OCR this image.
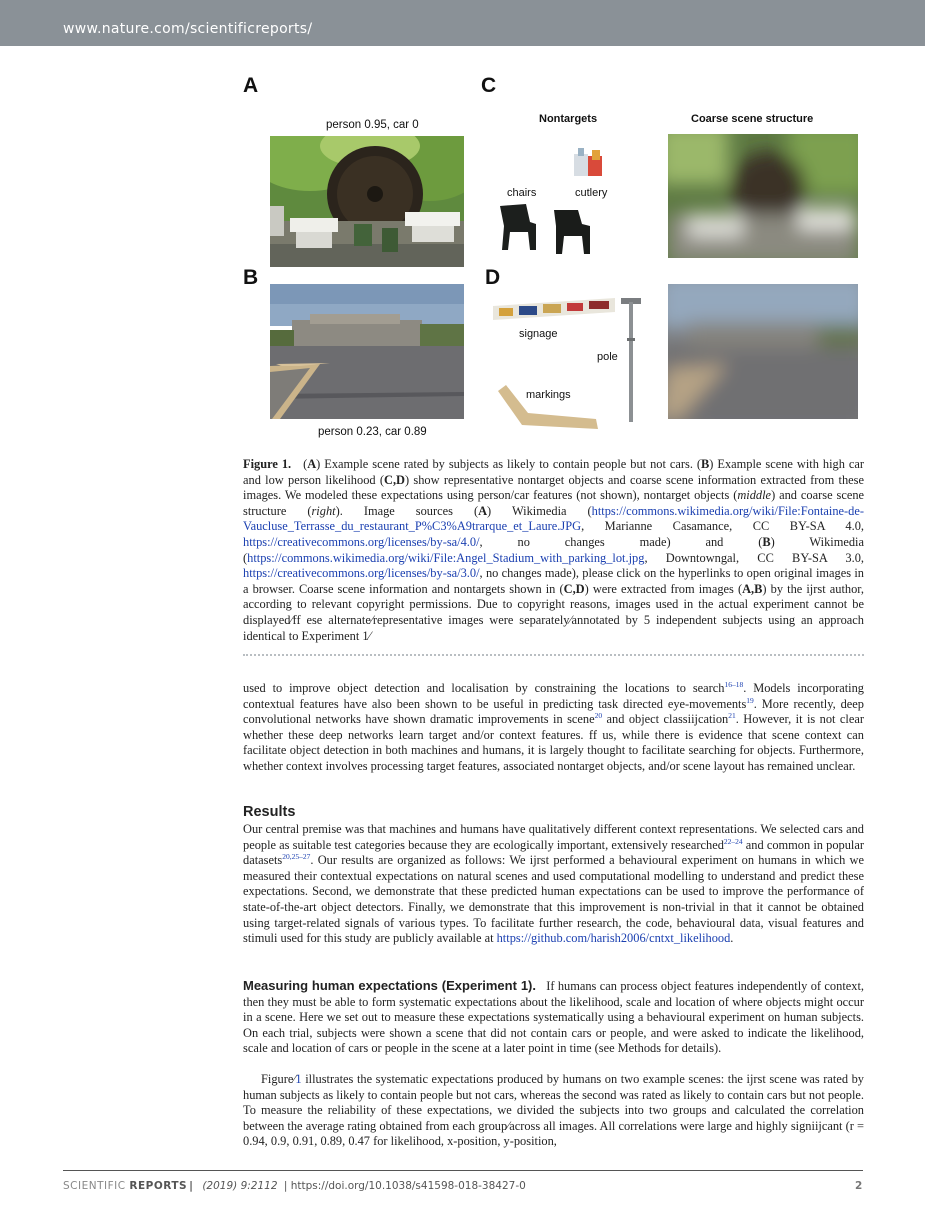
www.nature.com/scientificreports/
A	C
B	D
person 0.95, car 0
person 0.23, car 0.89
Nontargets	Coarse scene structure
chairs	cutlery
signage
pole
markings
Figure 1. (A) Example scene rated by subjects as likely to contain people but not cars. (B) Example scene with high car and low person likelihood (C,D) show representative nontarget objects and coarse scene information extracted from these images. We modeled these expectations using person/car features (not shown), nontarget objects (middle) and coarse scene structure (right). Image sources (A) Wikimedia (https://commons.wikimedia.org/wiki/File:Fontaine-de-Vaucluse_Terrasse_du_restaurant_P%C3%A9trarque_et_Laure.JPG, Marianne Casamance, CC BY-SA 4.0, https://creativecommons.org/licenses/by-sa/4.0/, no changes made) and (B) Wikimedia (https://commons.wikimedia.org/wiki/File:Angel_Stadium_with_parking_lot.jpg, Downtowngal, CC BY-SA 3.0, https://creativecommons.org/licenses/by-sa/3.0/, no changes made), please click on the hyperlinks to open original images in a browser. Coarse scene information and nontargets shown in (C,D) were extracted from images (A,B) by the ijrst author, according to relevant copyright permissions. Due to copyright reasons, images used in the actual experiment cannot be displayed⁄ff ese alternate⁄representative images were separately⁄annotated by 5 independent subjects using an approach identical to Experiment 1⁄
used to improve object detection and localisation by constraining the locations to search$^{16-18}$. Models incorporating contextual features have also been shown to be useful in predicting task directed eye-movements$^{19}$. More recently, deep convolutional networks have shown dramatic improvements in scene$^{20}$ and object classiijcation$^{21}$. However, it is not clear whether these deep networks learn target and/or context features. ff us, while there is evidence that scene context can facilitate object detection in both machines and humans, it is largely thought to facilitate searching for objects. Furthermore, whether context involves processing target features, associated nontarget objects, and/or scene layout has remained unclear.
Results
Our central premise was that machines and humans have qualitatively different context representations. We selected cars and people as suitable test categories because they are ecologically important, extensively researched$^{22-24}$ and common in popular datasets$^{20,25-27}$. Our results are organized as follows: We ijrst performed a behavioural experiment on humans in which we measured their contextual expectations on natural scenes and used computational modelling to understand and predict these expectations. Second, we demonstrate that these predicted human expectations can be used to improve the performance of state-of-the-art object detectors. Finally, we demonstrate that this improvement is non-trivial in that it cannot be obtained using target-related signals of various types. To facilitate further research, the code, behavioural data, visual features and stimuli used for this study are publicly available at https://github.com/harish2006/cntxt_likelihood.
Measuring human expectations (Experiment 1). If humans can process object features independently of context, then they must be able to form systematic expectations about the likelihood, scale and location of where objects might occur in a scene. Here we set out to measure these expectations systematically using a behavioural experiment on human subjects. On each trial, subjects were shown a scene that did not contain cars or people, and were asked to indicate the likelihood, scale and location of cars or people in the scene at a later point in time (see Methods for details).
Figure⁄1 illustrates the systematic expectations produced by humans on two example scenes: the ijrst scene was rated by human subjects as likely to contain people but not cars, whereas the second was rated as likely to contain cars but not people. To measure the reliability of these expectations, we divided the subjects into two groups and calculated the correlation between the average rating obtained from each group⁄across all images. All correlations were large and highly signiijcant (r = 0.94, 0.9, 0.91, 0.89, 0.47 for likelihood, x-position, y-position,
SCIENTIFIC REPORTS | (2019) 9:2112 | https://doi.org/10.1038/s41598-018-38427-0	2
